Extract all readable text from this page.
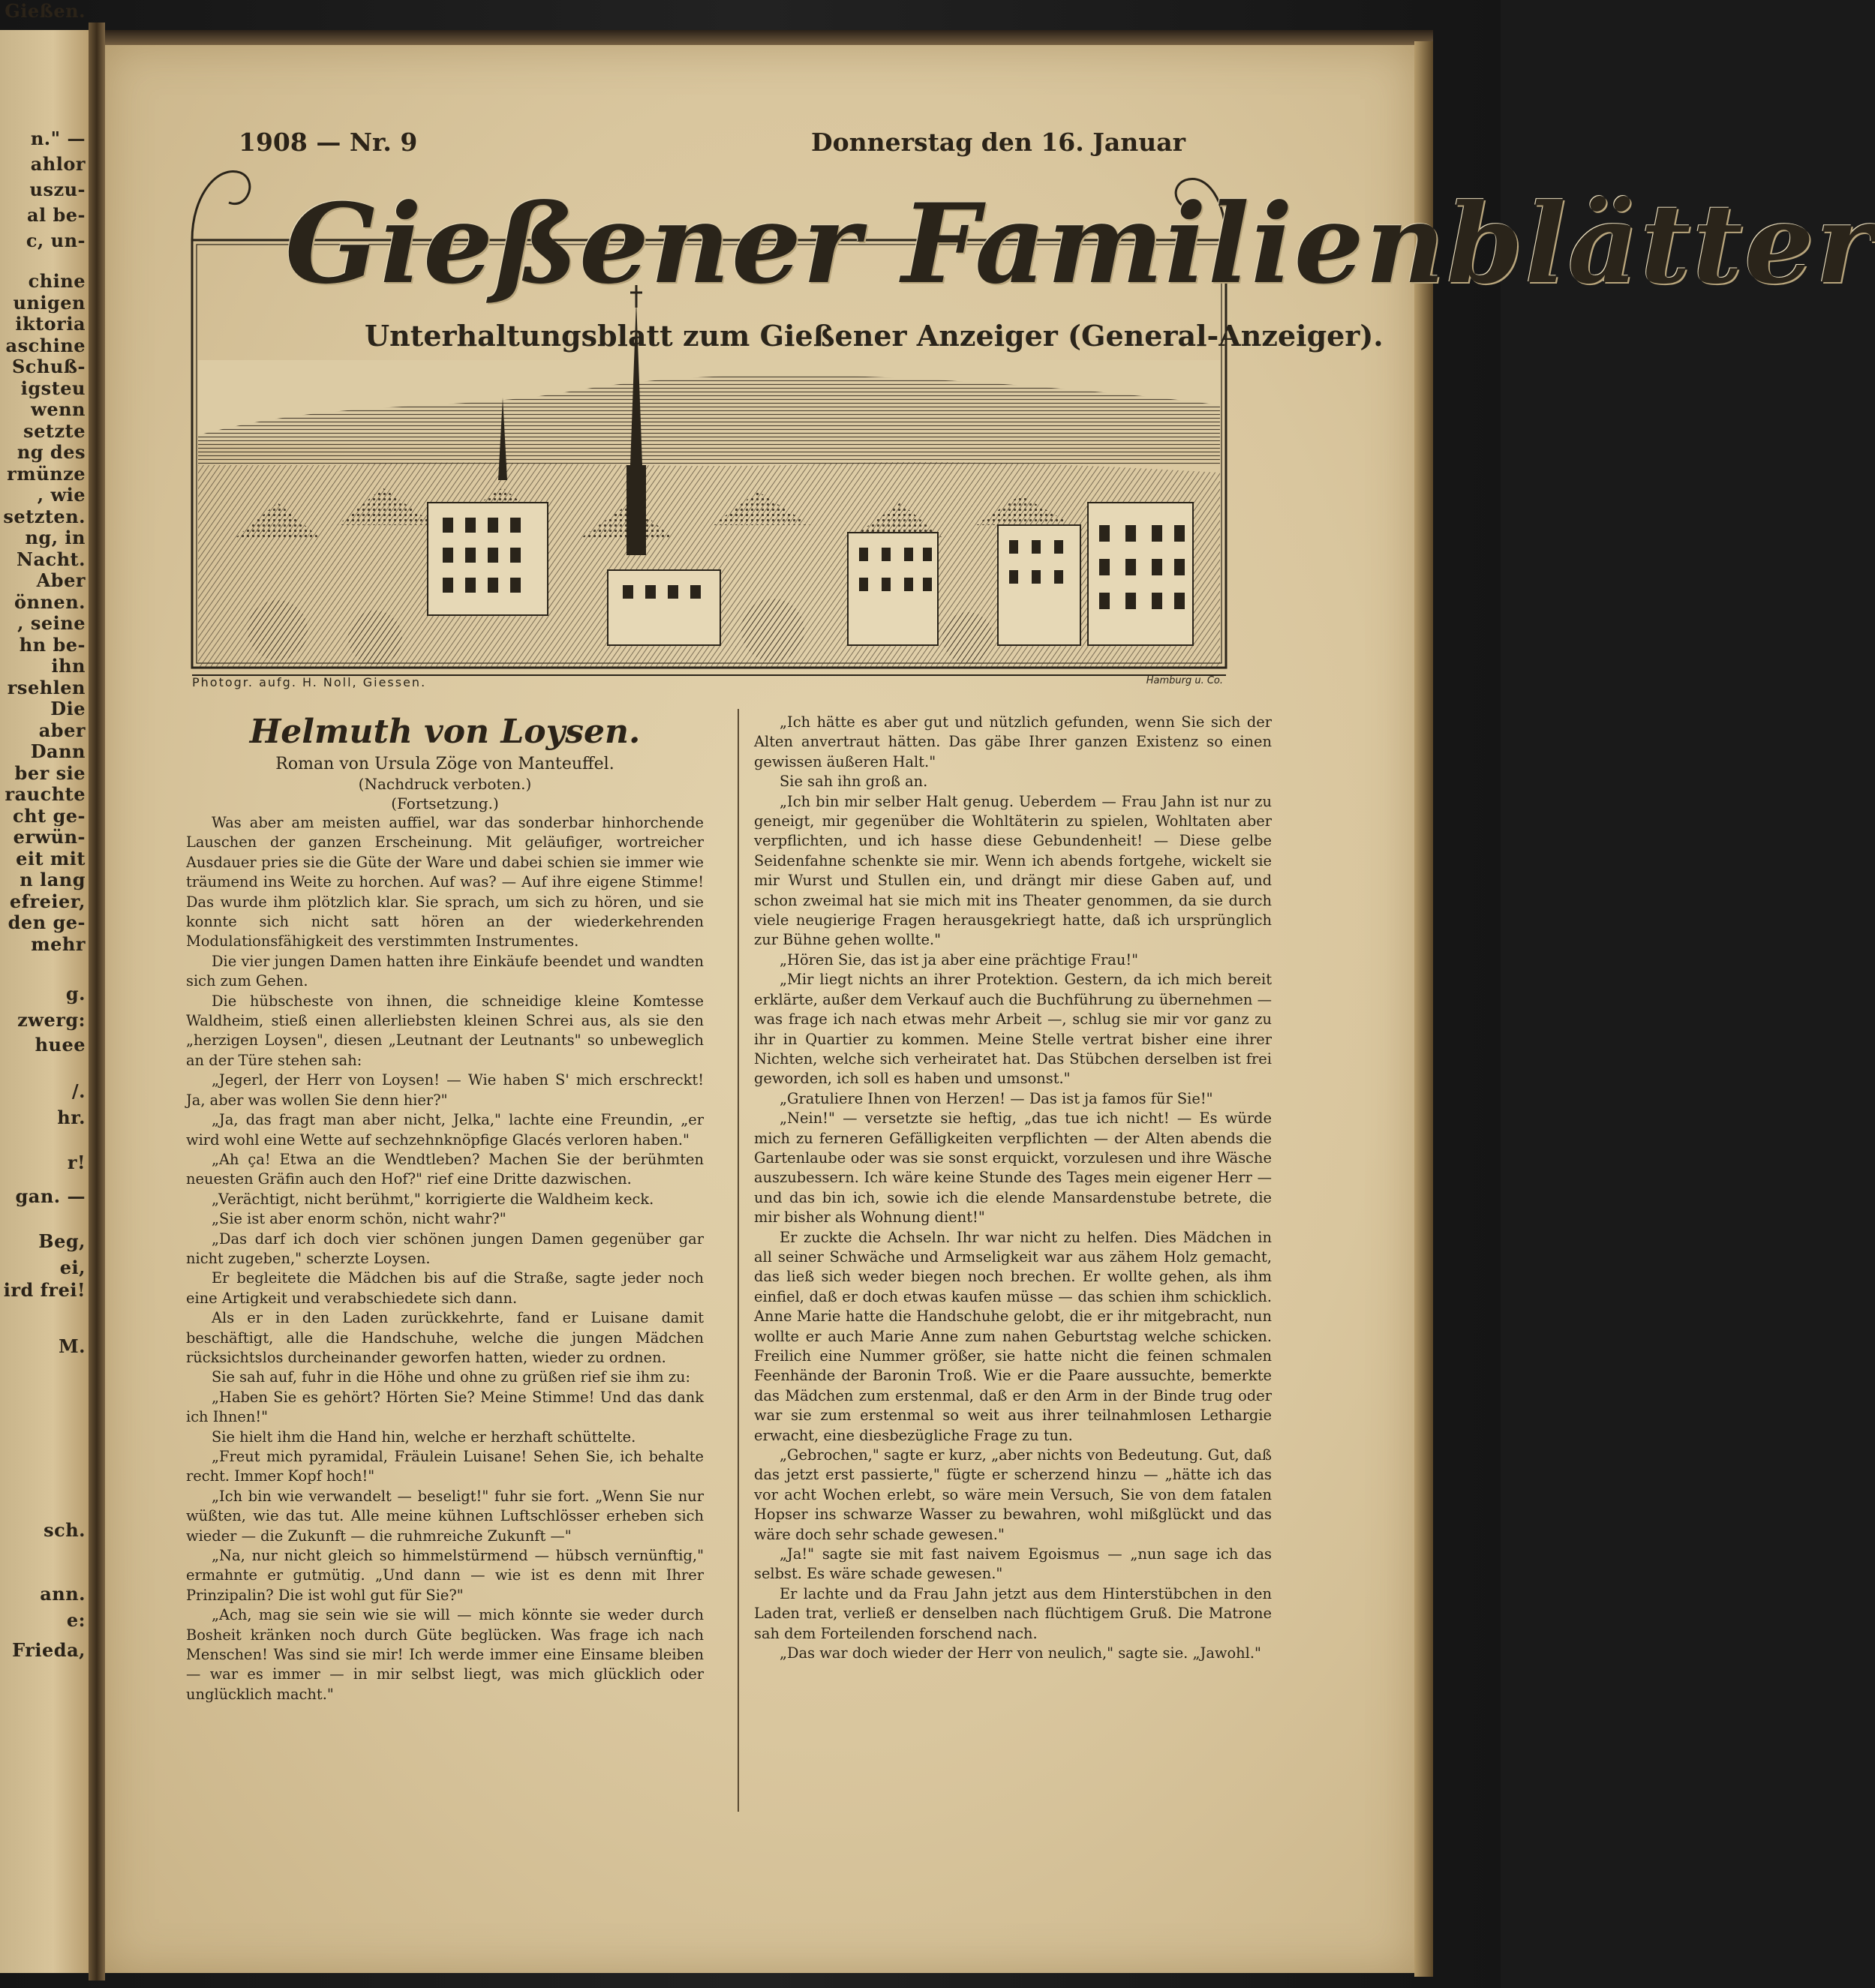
n." —
ahlor
uszu-
al be-
c, un-
chine
unigen
iktoria
aschine
Schuß-
igsteu
wenn
setzte
ng des
rmünze
, wie
setzten.
ng, in
Nacht.
Aber
önnen.
, seine
hn be-
ihn
rsehlen
Die
aber
Dann
ber sie
rauchte
cht ge-
erwün-
eit mit
n lang
efreier,
den ge-
mehr
g.
zwerg:
huee
/.
hr.
r!
gan. —
Beg,
ei,
ird frei!
M.
sch.
ann.
e:
Frieda,
Gießen.
1908 — Nr. 9	Donnerstag den 16. Januar
Gießener Familienblätter
Unterhaltungsblatt zum Gießener Anzeiger (General-Anzeiger).
Photogr. aufg. H. Noll, Giessen.	Hamburg u. Co.
Helmuth von Loysen.
Roman von Ursula Zöge von Manteuffel.
(Nachdruck verboten.)
(Fortsetzung.)

Was aber am meisten auffiel, war das sonderbar hinhorchende Lauschen der ganzen Erscheinung. Mit geläufiger, wortreicher Ausdauer pries sie die Güte der Ware und dabei schien sie immer wie träumend ins Weite zu horchen. Auf was? — Auf ihre eigene Stimme! Das wurde ihm plötzlich klar. Sie sprach, um sich zu hören, und sie konnte sich nicht satt hören an der wiederkehrenden Modulationsfähigkeit des verstimmten Instrumentes.

Die vier jungen Damen hatten ihre Einkäufe beendet und wandten sich zum Gehen.

Die hübscheste von ihnen, die schneidige kleine Komtesse Waldheim, stieß einen allerliebsten kleinen Schrei aus, als sie den „herzigen Loysen", diesen „Leutnant der Leutnants" so unbeweglich an der Türe stehen sah:

„Jegerl, der Herr von Loysen! — Wie haben S' mich erschreckt! Ja, aber was wollen Sie denn hier?"

„Ja, das fragt man aber nicht, Jelka," lachte eine Freundin, „er wird wohl eine Wette auf sechzehnknöpfige Glacés verloren haben."

„Ah ça! Etwa an die Wendtleben? Machen Sie der berühmten neuesten Gräfin auch den Hof?" rief eine Dritte dazwischen.

„Verächtigt, nicht berühmt," korrigierte die Waldheim keck.

„Sie ist aber enorm schön, nicht wahr?"

„Das darf ich doch vier schönen jungen Damen gegenüber gar nicht zugeben," scherzte Loysen.

Er begleitete die Mädchen bis auf die Straße, sagte jeder noch eine Artigkeit und verabschiedete sich dann.

Als er in den Laden zurückkehrte, fand er Luisane damit beschäftigt, alle die Handschuhe, welche die jungen Mädchen rücksichtslos durcheinander geworfen hatten, wieder zu ordnen.

Sie sah auf, fuhr in die Höhe und ohne zu grüßen rief sie ihm zu:

„Haben Sie es gehört? Hörten Sie? Meine Stimme! Und das dank ich Ihnen!"

Sie hielt ihm die Hand hin, welche er herzhaft schüttelte.

„Freut mich pyramidal, Fräulein Luisane! Sehen Sie, ich behalte recht. Immer Kopf hoch!"

„Ich bin wie verwandelt — beseligt!" fuhr sie fort. „Wenn Sie nur wüßten, wie das tut. Alle meine kühnen Luftschlösser erheben sich wieder — die Zukunft — die ruhmreiche Zukunft —"

„Na, nur nicht gleich so himmelstürmend — hübsch vernünftig," ermahnte er gutmütig. „Und dann — wie ist es denn mit Ihrer Prinzipalin? Die ist wohl gut für Sie?"

„Ach, mag sie sein wie sie will — mich könnte sie weder durch Bosheit kränken noch durch Güte beglücken. Was frage ich nach Menschen! Was sind sie mir! Ich werde immer eine Einsame bleiben — war es immer — in mir selbst liegt, was mich glücklich oder unglücklich macht."

„Ich hätte es aber gut und nützlich gefunden, wenn Sie sich der Alten anvertraut hätten. Das gäbe Ihrer ganzen Existenz so einen gewissen äußeren Halt."

Sie sah ihn groß an.

„Ich bin mir selber Halt genug. Ueberdem — Frau Jahn ist nur zu geneigt, mir gegenüber die Wohltäterin zu spielen, Wohltaten aber verpflichten, und ich hasse diese Gebundenheit! — Diese gelbe Seidenfahne schenkte sie mir. Wenn ich abends fortgehe, wickelt sie mir Wurst und Stullen ein, und drängt mir diese Gaben auf, und schon zweimal hat sie mich mit ins Theater genommen, da sie durch viele neugierige Fragen herausgekriegt hatte, daß ich ursprünglich zur Bühne gehen wollte."

„Hören Sie, das ist ja aber eine prächtige Frau!"

„Mir liegt nichts an ihrer Protektion. Gestern, da ich mich bereit erklärte, außer dem Verkauf auch die Buchführung zu übernehmen — was frage ich nach etwas mehr Arbeit —, schlug sie mir vor ganz zu ihr in Quartier zu kommen. Meine Stelle vertrat bisher eine ihrer Nichten, welche sich verheiratet hat. Das Stübchen derselben ist frei geworden, ich soll es haben und umsonst."

„Gratuliere Ihnen von Herzen! — Das ist ja famos für Sie!"

„Nein!" — versetzte sie heftig, „das tue ich nicht! — Es würde mich zu ferneren Gefälligkeiten verpflichten — der Alten abends die Gartenlaube oder was sie sonst erquickt, vorzulesen und ihre Wäsche auszubessern. Ich wäre keine Stunde des Tages mein eigener Herr — und das bin ich, sowie ich die elende Mansardenstube betrete, die mir bisher als Wohnung dient!"

Er zuckte die Achseln. Ihr war nicht zu helfen. Dies Mädchen in all seiner Schwäche und Armseligkeit war aus zähem Holz gemacht, das ließ sich weder biegen noch brechen. Er wollte gehen, als ihm einfiel, daß er doch etwas kaufen müsse — das schien ihm schicklich. Anne Marie hatte die Handschuhe gelobt, die er ihr mitgebracht, nun wollte er auch Marie Anne zum nahen Geburtstag welche schicken. Freilich eine Nummer größer, sie hatte nicht die feinen schmalen Feenhände der Baronin Troß. Wie er die Paare aussuchte, bemerkte das Mädchen zum erstenmal, daß er den Arm in der Binde trug oder war sie zum erstenmal so weit aus ihrer teilnahmlosen Lethargie erwacht, eine diesbezügliche Frage zu tun.

„Gebrochen," sagte er kurz, „aber nichts von Bedeutung. Gut, daß das jetzt erst passierte," fügte er scherzend hinzu — „hätte ich das vor acht Wochen erlebt, so wäre mein Versuch, Sie von dem fatalen Hopser ins schwarze Wasser zu bewahren, wohl mißglückt und das wäre doch sehr schade gewesen."

„Ja!" sagte sie mit fast naivem Egoismus — „nun sage ich das selbst. Es wäre schade gewesen."

Er lachte und da Frau Jahn jetzt aus dem Hinterstübchen in den Laden trat, verließ er denselben nach flüchtigem Gruß. Die Matrone sah dem Forteilenden forschend nach.

„Das war doch wieder der Herr von neulich," sagte sie. „Jawohl."
